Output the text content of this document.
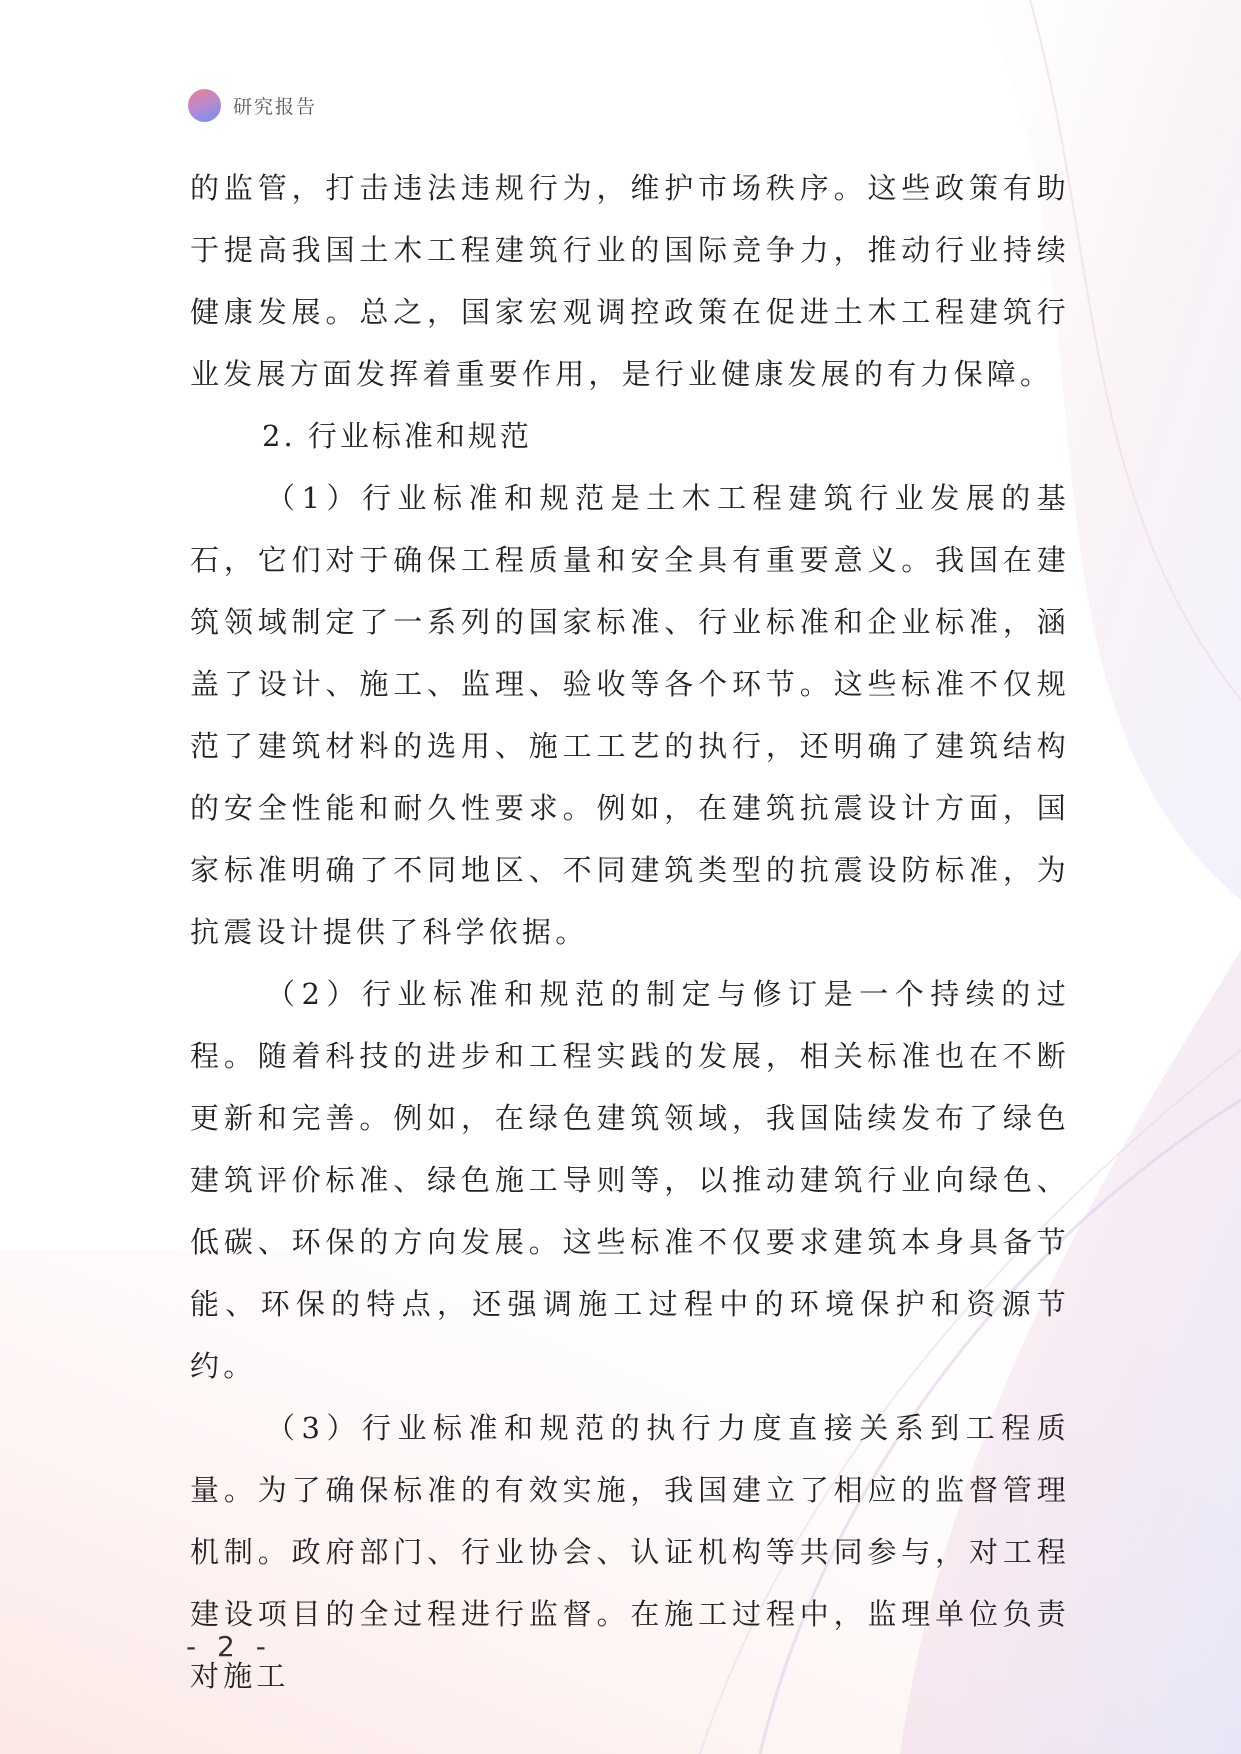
研究报告

的监管，打击违法违规行为，维护市场秩序。这些政策有助于提高我国土木工程建筑行业的国际竞争力，推动行业持续健康发展。总之，国家宏观调控政策在促进土木工程建筑行业发展方面发挥着重要作用，是行业健康发展的有力保障。

2. 行业标准和规范

（1）行业标准和规范是土木工程建筑行业发展的基石，它们对于确保工程质量和安全具有重要意义。我国在建筑领域制定了一系列的国家标准、行业标准和企业标准，涵盖了设计、施工、监理、验收等各个环节。这些标准不仅规范了建筑材料的选用、施工工艺的执行，还明确了建筑结构的安全性能和耐久性要求。例如，在建筑抗震设计方面，国家标准明确了不同地区、不同建筑类型的抗震设防标准，为抗震设计提供了科学依据。

（2）行业标准和规范的制定与修订是一个持续的过程。随着科技的进步和工程实践的发展，相关标准也在不断更新和完善。例如，在绿色建筑领域，我国陆续发布了绿色建筑评价标准、绿色施工导则等，以推动建筑行业向绿色、低碳、环保的方向发展。这些标准不仅要求建筑本身具备节能、环保的特点，还强调施工过程中的环境保护和资源节约。

（3）行业标准和规范的执行力度直接关系到工程质量。为了确保标准的有效实施，我国建立了相应的监督管理机制。政府部门、行业协会、认证机构等共同参与，对工程建设项目的全过程进行监督。在施工过程中，监理单位负责对施工

- 2 -
